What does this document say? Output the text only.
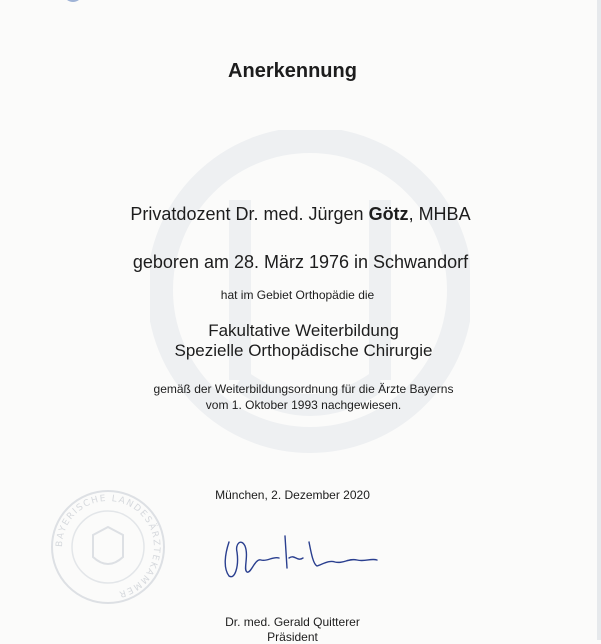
Anerkennung
Privatdozent Dr. med. Jürgen Götz, MHBA
geboren am 28. März 1976 in Schwandorf
hat im Gebiet Orthopädie die
Fakultative Weiterbildung
Spezielle Orthopädische Chirurgie
gemäß der Weiterbildungsordnung für die Ärzte Bayerns
vom 1. Oktober 1993 nachgewiesen.
München, 2. Dezember 2020
BAYERISCHE LANDESÄRZTEKAMMER
Dr. med. Gerald Quitterer
Präsident
